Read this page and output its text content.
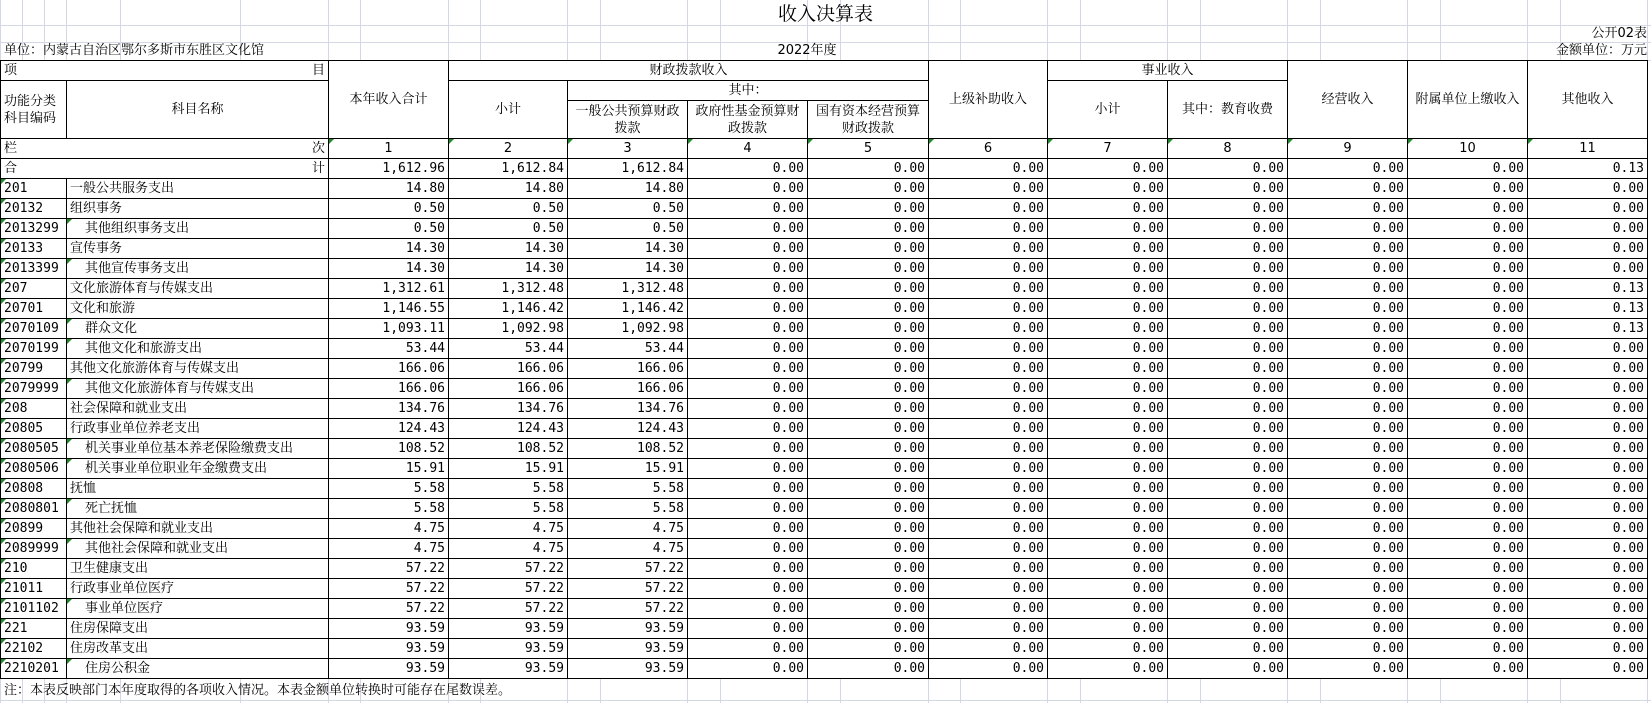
收入决算表
公开02表
单位：内蒙古自治区鄂尔多斯市东胜区文化馆	2022年度	金额单位：万元
项 目		本年收入合计	财政拨款收入				上级补助收入	事业收入		经营收入	附属单位上缴收入	其他收入
功能分类科目编码	科目名称		小计	其中：				小计	其中：教育收费			
				一般公共预算财政拨款	政府性基金预算财政拨款	国有资本经营预算财政拨款						

栏 次		1	2	3	4	5	6	7	8	9	10	11

合 计		1,612.96	1,612.84	1,612.84	0.00	0.00	0.00	0.00	0.00	0.00	0.00	0.13
201	一般公共服务支出	14.80	14.80	14.80	0.00	0.00	0.00	0.00	0.00	0.00	0.00	0.00
20132	组织事务	0.50	0.50	0.50	0.00	0.00	0.00	0.00	0.00	0.00	0.00	0.00
2013299	其他组织事务支出	0.50	0.50	0.50	0.00	0.00	0.00	0.00	0.00	0.00	0.00	0.00
20133	宣传事务	14.30	14.30	14.30	0.00	0.00	0.00	0.00	0.00	0.00	0.00	0.00
2013399	其他宣传事务支出	14.30	14.30	14.30	0.00	0.00	0.00	0.00	0.00	0.00	0.00	0.00
207	文化旅游体育与传媒支出	1,312.61	1,312.48	1,312.48	0.00	0.00	0.00	0.00	0.00	0.00	0.00	0.13
20701	文化和旅游	1,146.55	1,146.42	1,146.42	0.00	0.00	0.00	0.00	0.00	0.00	0.00	0.13
2070109	群众文化	1,093.11	1,092.98	1,092.98	0.00	0.00	0.00	0.00	0.00	0.00	0.00	0.13
2070199	其他文化和旅游支出	53.44	53.44	53.44	0.00	0.00	0.00	0.00	0.00	0.00	0.00	0.00
20799	其他文化旅游体育与传媒支出	166.06	166.06	166.06	0.00	0.00	0.00	0.00	0.00	0.00	0.00	0.00
2079999	其他文化旅游体育与传媒支出	166.06	166.06	166.06	0.00	0.00	0.00	0.00	0.00	0.00	0.00	0.00
208	社会保障和就业支出	134.76	134.76	134.76	0.00	0.00	0.00	0.00	0.00	0.00	0.00	0.00
20805	行政事业单位养老支出	124.43	124.43	124.43	0.00	0.00	0.00	0.00	0.00	0.00	0.00	0.00
2080505	机关事业单位基本养老保险缴费支出	108.52	108.52	108.52	0.00	0.00	0.00	0.00	0.00	0.00	0.00	0.00
2080506	机关事业单位职业年金缴费支出	15.91	15.91	15.91	0.00	0.00	0.00	0.00	0.00	0.00	0.00	0.00
20808	抚恤	5.58	5.58	5.58	0.00	0.00	0.00	0.00	0.00	0.00	0.00	0.00
2080801	死亡抚恤	5.58	5.58	5.58	0.00	0.00	0.00	0.00	0.00	0.00	0.00	0.00
20899	其他社会保障和就业支出	4.75	4.75	4.75	0.00	0.00	0.00	0.00	0.00	0.00	0.00	0.00
2089999	其他社会保障和就业支出	4.75	4.75	4.75	0.00	0.00	0.00	0.00	0.00	0.00	0.00	0.00
210	卫生健康支出	57.22	57.22	57.22	0.00	0.00	0.00	0.00	0.00	0.00	0.00	0.00
21011	行政事业单位医疗	57.22	57.22	57.22	0.00	0.00	0.00	0.00	0.00	0.00	0.00	0.00
2101102	事业单位医疗	57.22	57.22	57.22	0.00	0.00	0.00	0.00	0.00	0.00	0.00	0.00
221	住房保障支出	93.59	93.59	93.59	0.00	0.00	0.00	0.00	0.00	0.00	0.00	0.00
22102	住房改革支出	93.59	93.59	93.59	0.00	0.00	0.00	0.00	0.00	0.00	0.00	0.00
2210201	住房公积金	93.59	93.59	93.59	0.00	0.00	0.00	0.00	0.00	0.00	0.00	0.00
注：本表反映部门本年度取得的各项收入情况。本表金额单位转换时可能存在尾数误差。
